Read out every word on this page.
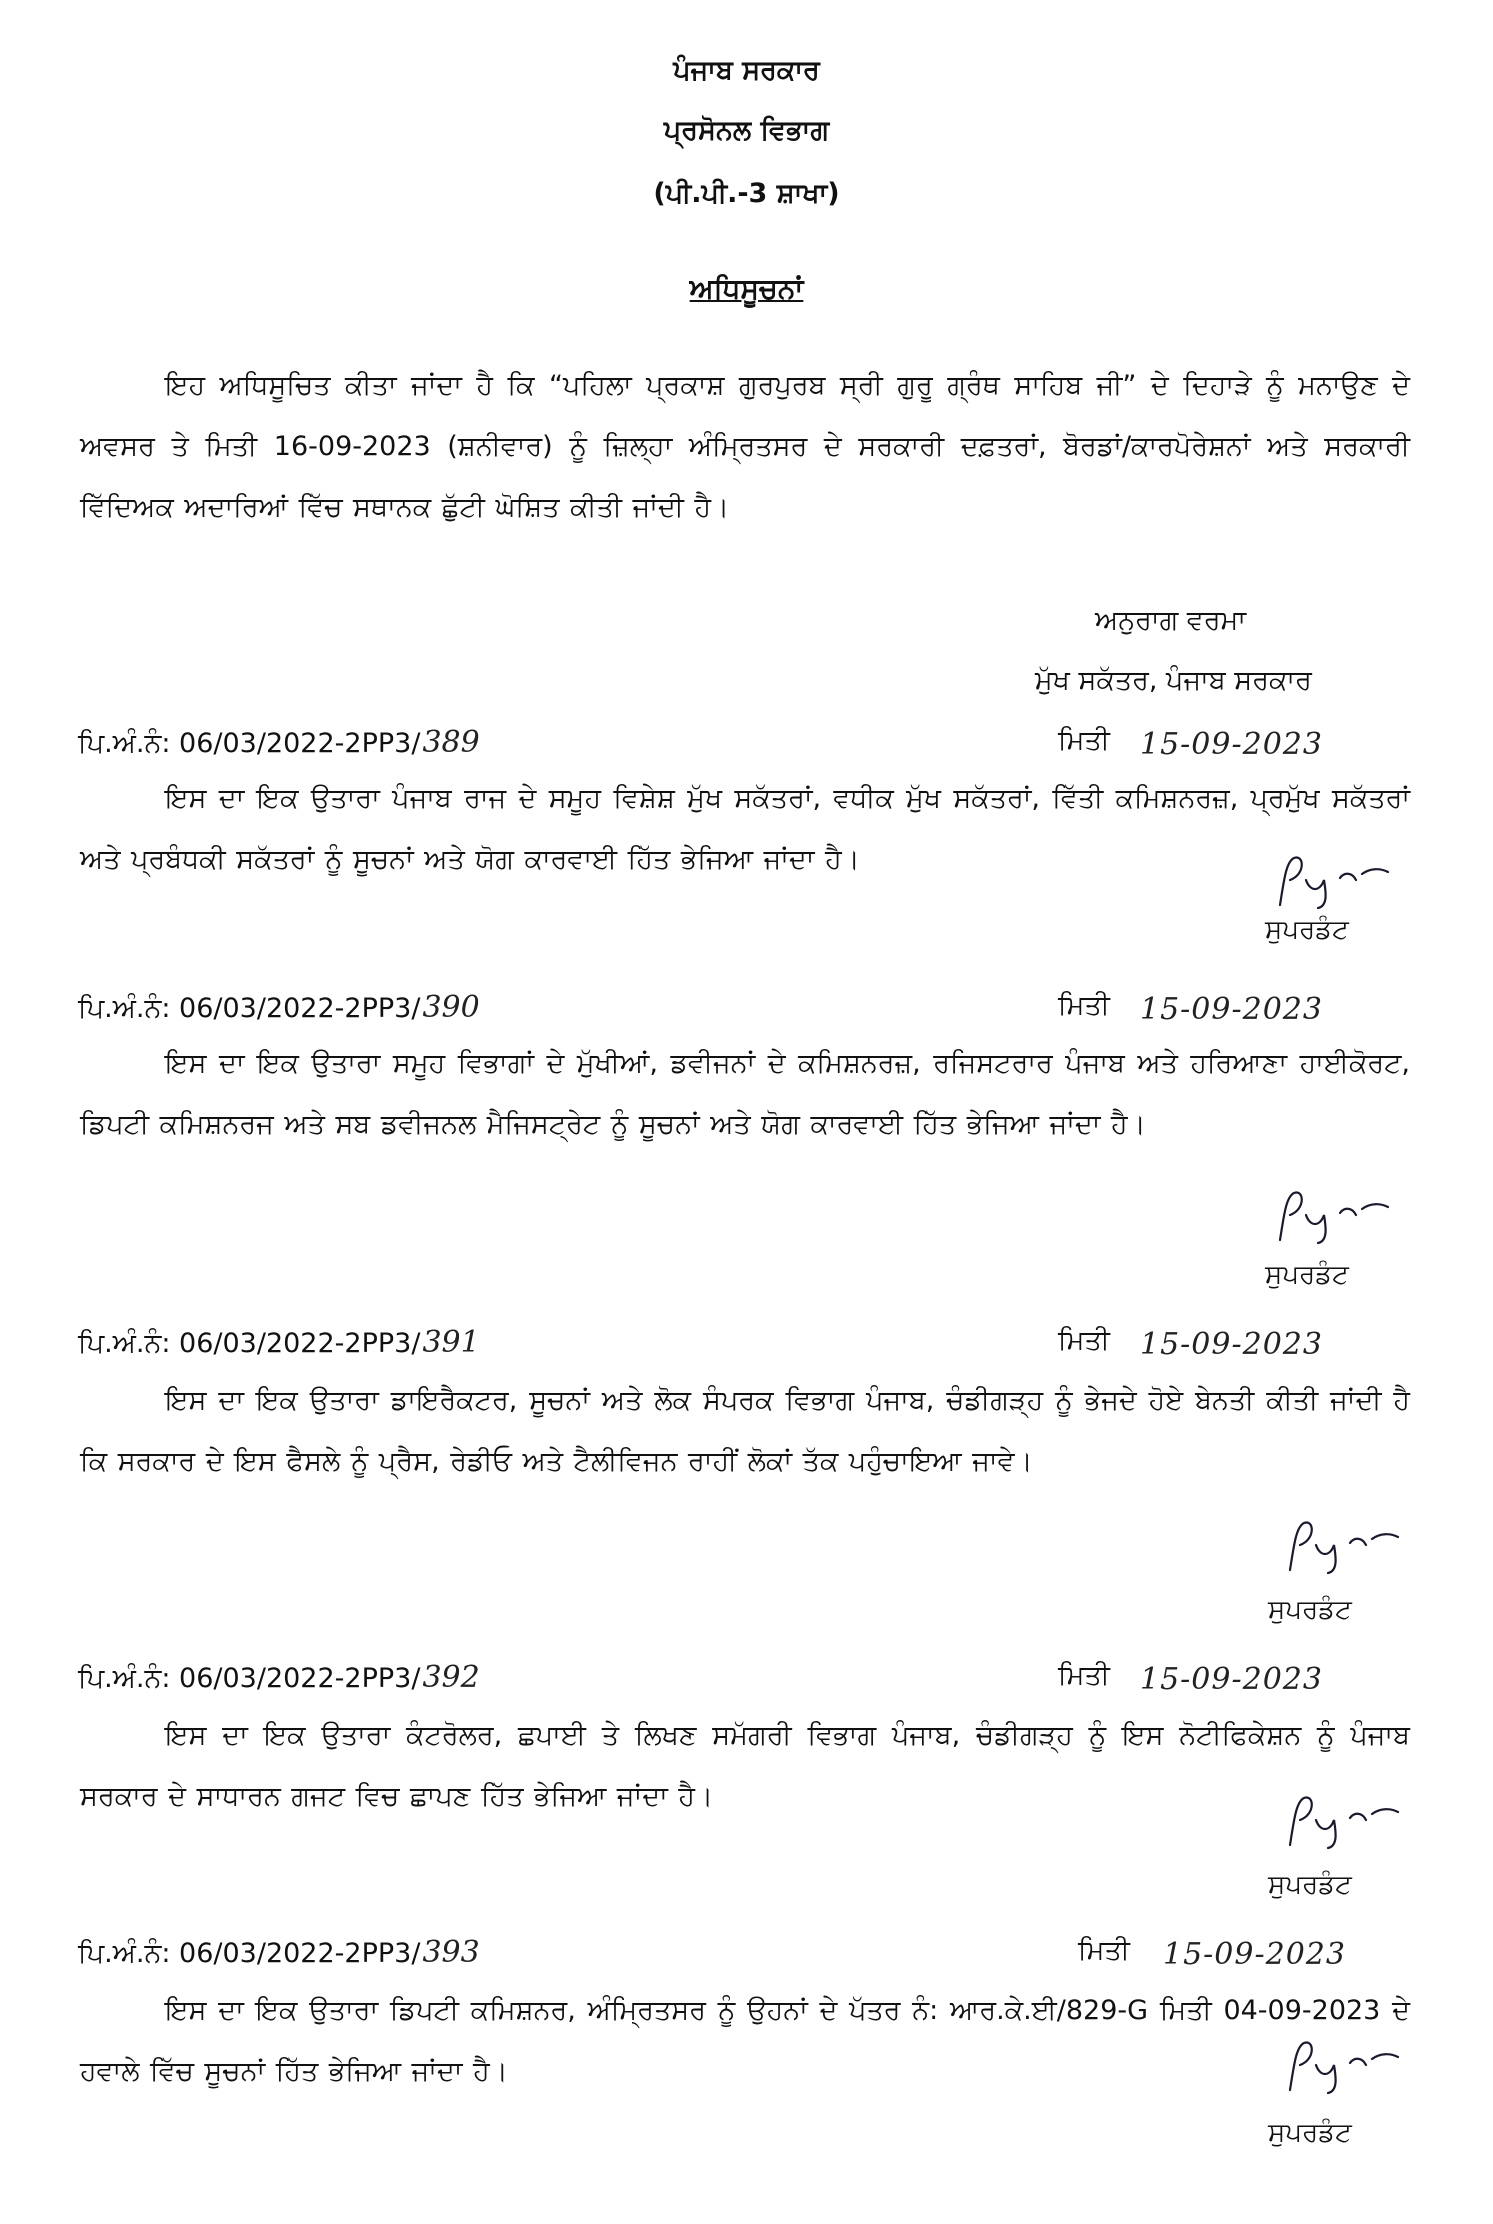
ਪੰਜਾਬ ਸਰਕਾਰ
ਪ੍ਰਸੋਨਲ ਵਿਭਾਗ
(ਪੀ.ਪੀ.-3 ਸ਼ਾਖਾ)
ਅਧਿਸੂਚਨਾਂ
ਇਹ ਅਧਿਸੂਚਿਤ ਕੀਤਾ ਜਾਂਦਾ ਹੈ ਕਿ “ਪਹਿਲਾ ਪ੍ਰਕਾਸ਼ ਗੁਰਪੁਰਬ ਸ੍ਰੀ ਗੁਰੂ ਗ੍ਰੰਥ ਸਾਹਿਬ ਜੀ” ਦੇ ਦਿਹਾੜੇ ਨੂੰ ਮਨਾਉਣ ਦੇ ਅਵਸਰ ਤੇ ਮਿਤੀ 16-09-2023 (ਸ਼ਨੀਵਾਰ) ਨੂੰ ਜ਼ਿਲ੍ਹਾ ਅੰਮ੍ਰਿਤਸਰ ਦੇ ਸਰਕਾਰੀ ਦਫ਼ਤਰਾਂ, ਬੋਰਡਾਂ/ਕਾਰਪੋਰੇਸ਼ਨਾਂ ਅਤੇ ਸਰਕਾਰੀ ਵਿੱਦਿਅਕ ਅਦਾਰਿਆਂ ਵਿੱਚ ਸਥਾਨਕ ਛੁੱਟੀ ਘੋਸ਼ਿਤ ਕੀਤੀ ਜਾਂਦੀ ਹੈ।
ਅਨੁਰਾਗ ਵਰਮਾ
ਮੁੱਖ ਸਕੱਤਰ, ਪੰਜਾਬ ਸਰਕਾਰ
ਪਿ.ਅੰ.ਨੰ: 06/03/2022-2PP3/389	ਮਿਤੀ 15-09-2023
ਇਸ ਦਾ ਇਕ ਉਤਾਰਾ ਪੰਜਾਬ ਰਾਜ ਦੇ ਸਮੂਹ ਵਿਸ਼ੇਸ਼ ਮੁੱਖ ਸਕੱਤਰਾਂ, ਵਧੀਕ ਮੁੱਖ ਸਕੱਤਰਾਂ, ਵਿੱਤੀ ਕਮਿਸ਼ਨਰਜ਼, ਪ੍ਰਮੁੱਖ ਸਕੱਤਰਾਂ ਅਤੇ ਪ੍ਰਬੰਧਕੀ ਸਕੱਤਰਾਂ ਨੂੰ ਸੂਚਨਾਂ ਅਤੇ ਯੋਗ ਕਾਰਵਾਈ ਹਿੱਤ ਭੇਜਿਆ ਜਾਂਦਾ ਹੈ।
ਸੁਪਰਡੰਟ
ਪਿ.ਅੰ.ਨੰ: 06/03/2022-2PP3/390	ਮਿਤੀ 15-09-2023
ਇਸ ਦਾ ਇਕ ਉਤਾਰਾ ਸਮੂਹ ਵਿਭਾਗਾਂ ਦੇ ਮੁੱਖੀਆਂ, ਡਵੀਜਨਾਂ ਦੇ ਕਮਿਸ਼ਨਰਜ਼, ਰਜਿਸਟਰਾਰ ਪੰਜਾਬ ਅਤੇ ਹਰਿਆਣਾ ਹਾਈਕੋਰਟ, ਡਿਪਟੀ ਕਮਿਸ਼ਨਰਜ ਅਤੇ ਸਬ ਡਵੀਜਨਲ ਮੈਜਿਸਟ੍ਰੇਟ ਨੂੰ ਸੂਚਨਾਂ ਅਤੇ ਯੋਗ ਕਾਰਵਾਈ ਹਿੱਤ ਭੇਜਿਆ ਜਾਂਦਾ ਹੈ।
ਸੁਪਰਡੰਟ
ਪਿ.ਅੰ.ਨੰ: 06/03/2022-2PP3/391	ਮਿਤੀ 15-09-2023
ਇਸ ਦਾ ਇਕ ਉਤਾਰਾ ਡਾਇਰੈਕਟਰ, ਸੂਚਨਾਂ ਅਤੇ ਲੋਕ ਸੰਪਰਕ ਵਿਭਾਗ ਪੰਜਾਬ, ਚੰਡੀਗੜ੍ਹ ਨੂੰ ਭੇਜਦੇ ਹੋਏ ਬੇਨਤੀ ਕੀਤੀ ਜਾਂਦੀ ਹੈ ਕਿ ਸਰਕਾਰ ਦੇ ਇਸ ਫੈਸਲੇ ਨੂੰ ਪ੍ਰੈਸ, ਰੇਡੀਓ ਅਤੇ ਟੈਲੀਵਿਜਨ ਰਾਹੀਂ ਲੋਕਾਂ ਤੱਕ ਪਹੁੰਚਾਇਆ ਜਾਵੇ।
ਸੁਪਰਡੰਟ
ਪਿ.ਅੰ.ਨੰ: 06/03/2022-2PP3/392	ਮਿਤੀ 15-09-2023
ਇਸ ਦਾ ਇਕ ਉਤਾਰਾ ਕੰਟਰੋਲਰ, ਛਪਾਈ ਤੇ ਲਿਖਣ ਸਮੱਗਰੀ ਵਿਭਾਗ ਪੰਜਾਬ, ਚੰਡੀਗੜ੍ਹ ਨੂੰ ਇਸ ਨੋਟੀਫਿਕੇਸ਼ਨ ਨੂੰ ਪੰਜਾਬ ਸਰਕਾਰ ਦੇ ਸਾਧਾਰਨ ਗਜਟ ਵਿਚ ਛਾਪਣ ਹਿੱਤ ਭੇਜਿਆ ਜਾਂਦਾ ਹੈ।
ਸੁਪਰਡੰਟ
ਪਿ.ਅੰ.ਨੰ: 06/03/2022-2PP3/393	ਮਿਤੀ 15-09-2023
ਇਸ ਦਾ ਇਕ ਉਤਾਰਾ ਡਿਪਟੀ ਕਮਿਸ਼ਨਰ, ਅੰਮ੍ਰਿਤਸਰ ਨੂੰ ਉਹਨਾਂ ਦੇ ਪੱਤਰ ਨੰ: ਆਰ.ਕੇ.ਈ/829-G ਮਿਤੀ 04-09-2023 ਦੇ ਹਵਾਲੇ ਵਿੱਚ ਸੂਚਨਾਂ ਹਿੱਤ ਭੇਜਿਆ ਜਾਂਦਾ ਹੈ।
ਸੁਪਰਡੰਟ
